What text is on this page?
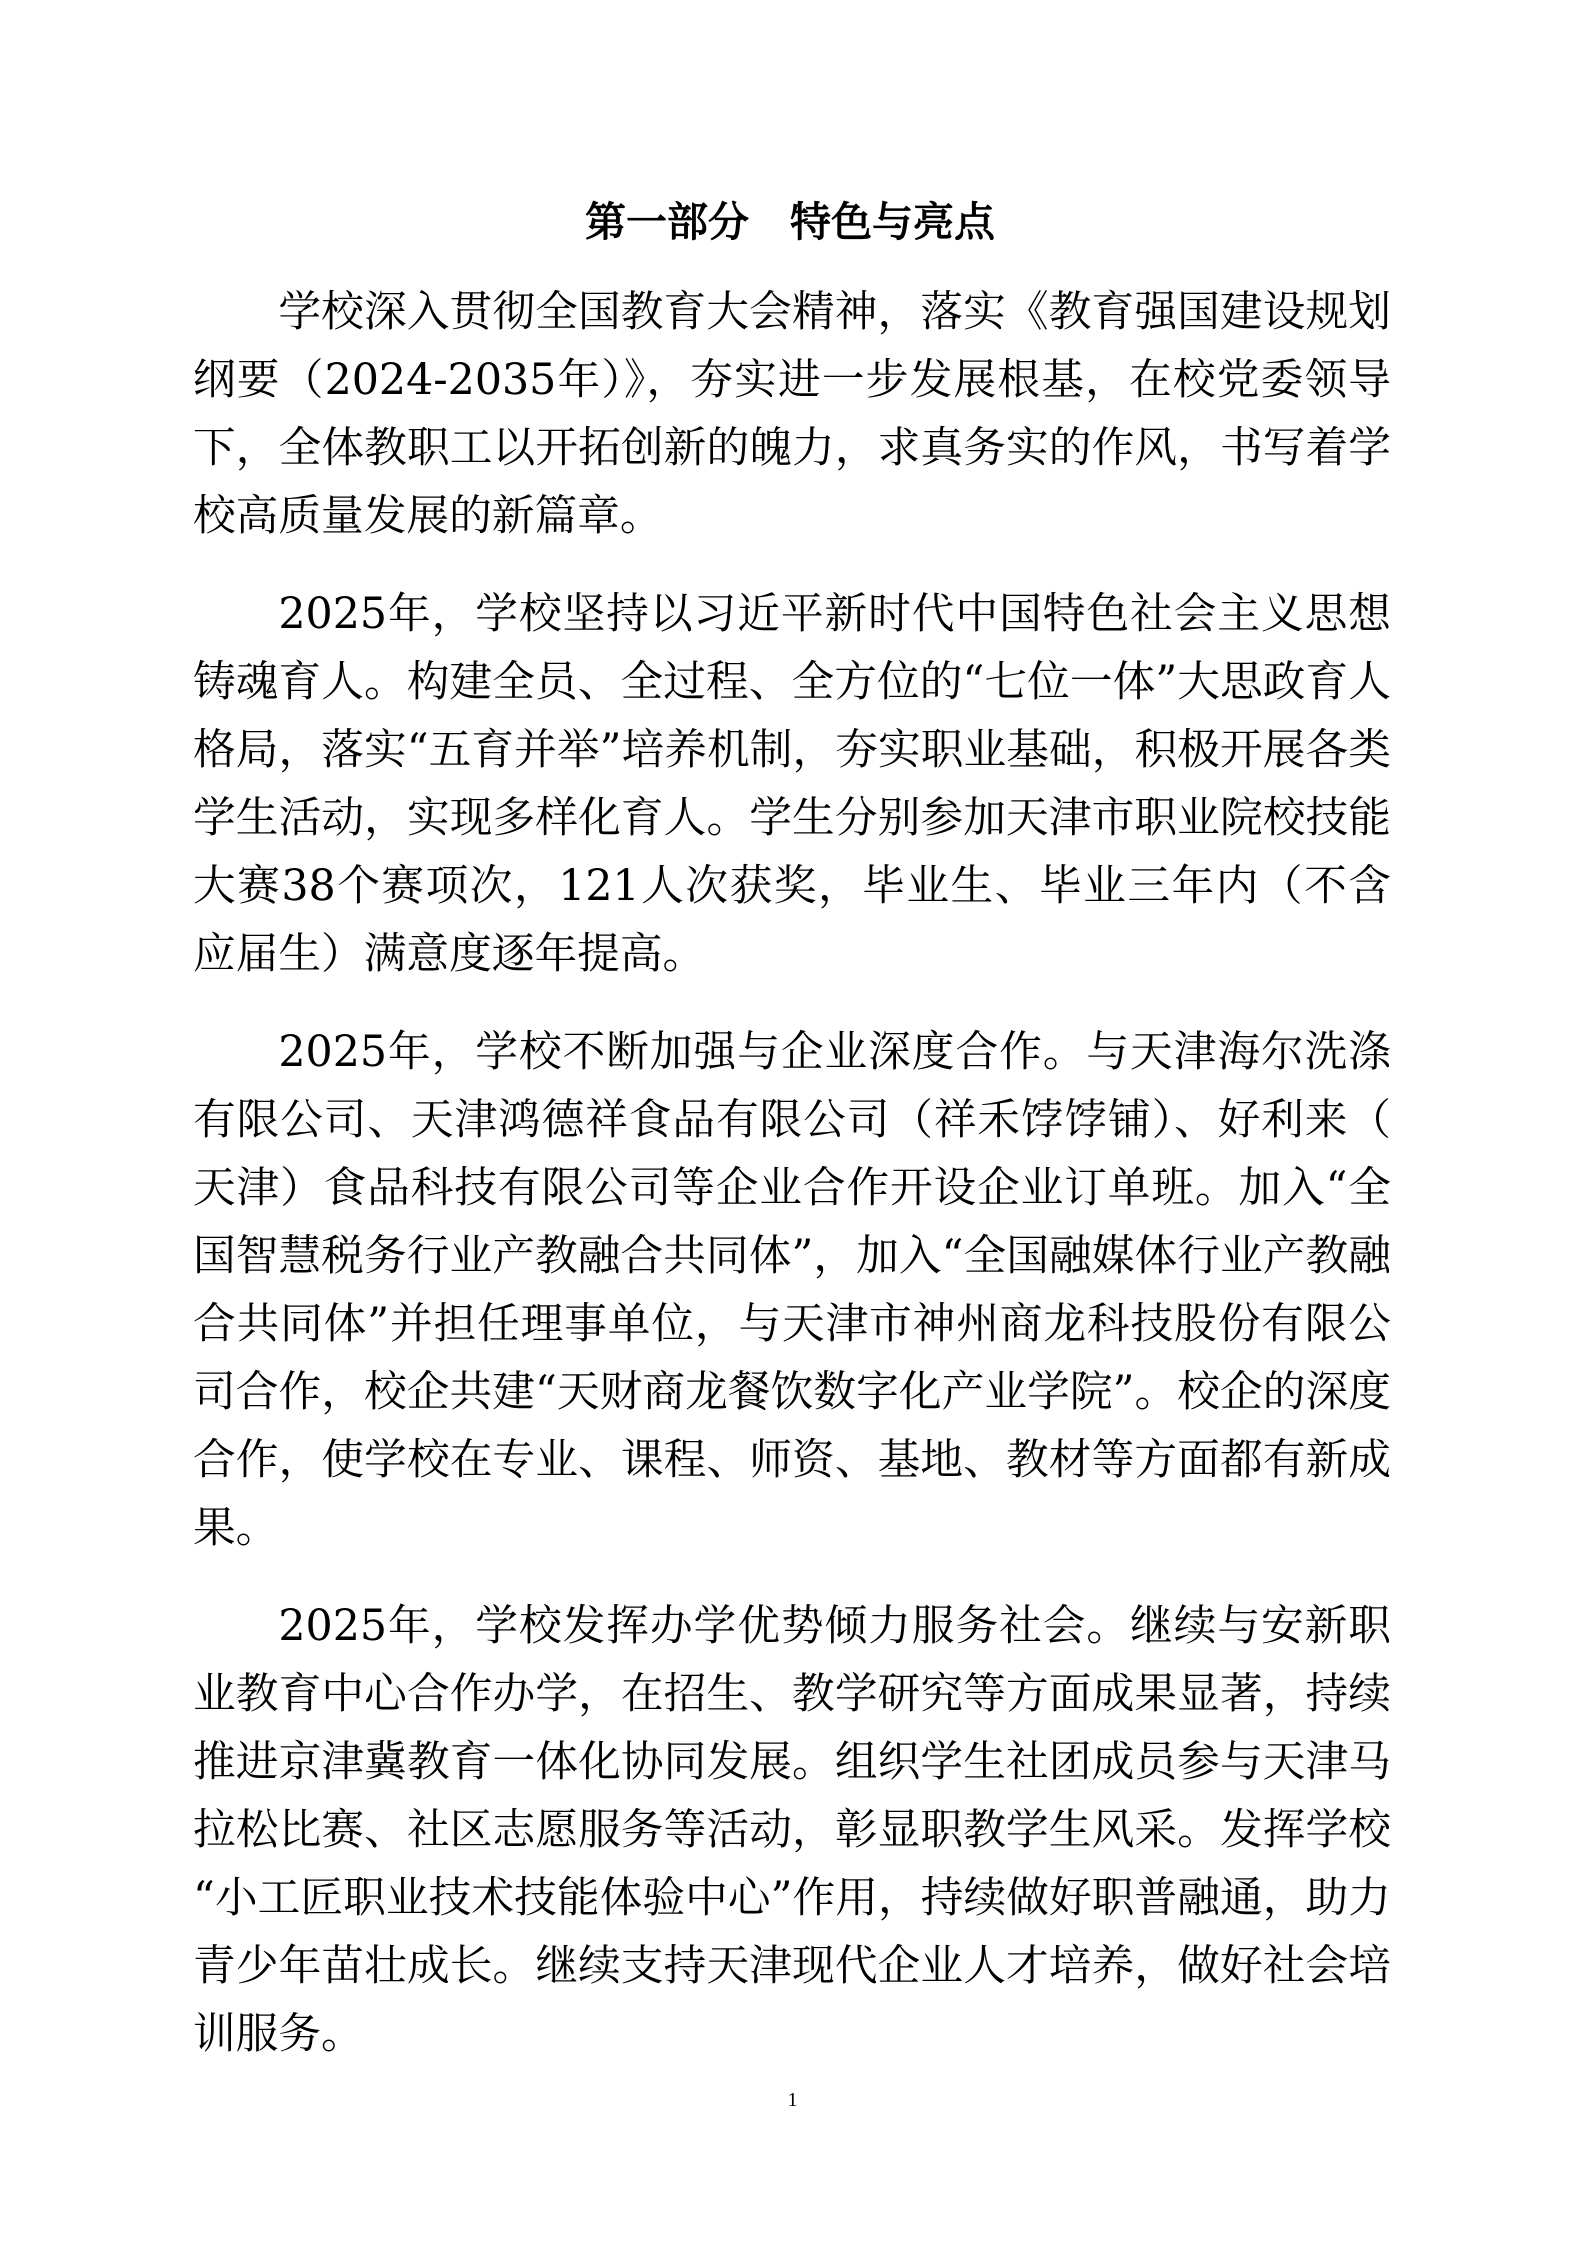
第一部分　特色与亮点

学校深入贯彻全国教育大会精神，落实《教育强国建设规划纲要（2024-2035年）》，夯实进一步发展根基，在校党委领导下，全体教职工以开拓创新的魄力，求真务实的作风，书写着学校高质量发展的新篇章。

2025年，学校坚持以习近平新时代中国特色社会主义思想铸魂育人。构建全员、全过程、全方位的“七位一体”大思政育人格局，落实“五育并举”培养机制，夯实职业基础，积极开展各类学生活动，实现多样化育人。学生分别参加天津市职业院校技能大赛38个赛项次，121人次获奖，毕业生、毕业三年内（不含应届生）满意度逐年提高。

2025年，学校不断加强与企业深度合作。与天津海尔洗涤有限公司、天津鸿德祥食品有限公司（祥禾饽饽铺）、好利来（天津）食品科技有限公司等企业合作开设企业订单班。加入“全国智慧税务行业产教融合共同体”，加入“全国融媒体行业产教融合共同体”并担任理事单位，与天津市神州商龙科技股份有限公司合作，校企共建“天财商龙餐饮数字化产业学院”。校企的深度合作，使学校在专业、课程、师资、基地、教材等方面都有新成果。

2025年，学校发挥办学优势倾力服务社会。继续与安新职业教育中心合作办学，在招生、教学研究等方面成果显著，持续推进京津冀教育一体化协同发展。组织学生社团成员参与天津马拉松比赛、社区志愿服务等活动，彰显职教学生风采。发挥学校“小工匠职业技术技能体验中心”作用，持续做好职普融通，助力青少年苗壮成长。继续支持天津现代企业人才培养，做好社会培训服务。

1
